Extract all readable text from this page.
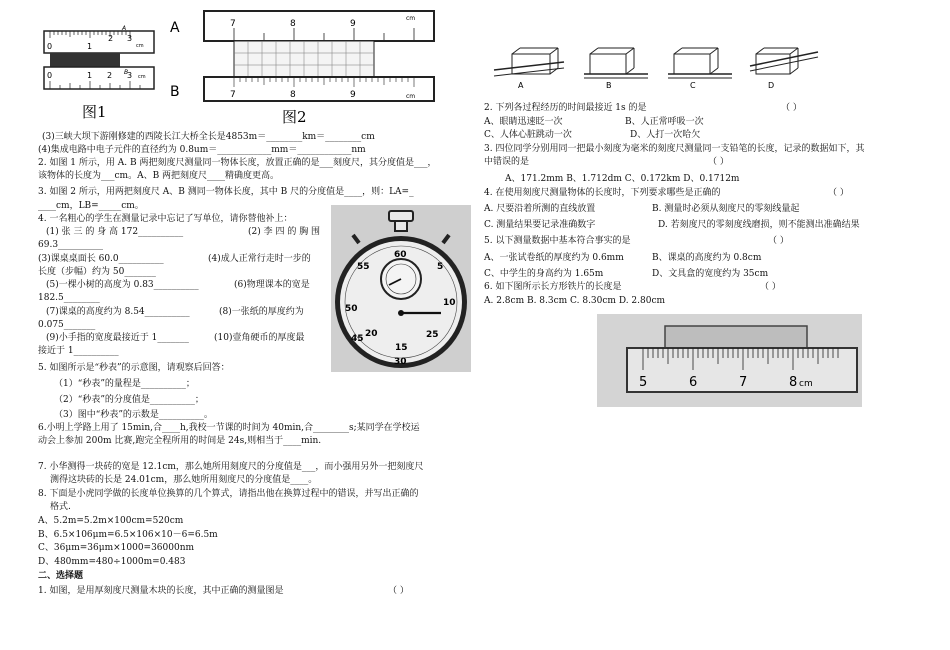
0	1
2 3
A
cm
0	1 2 3
B
cm
图1
A
B
7	8	9
cm
7	8	9	cm
图2
(3)三峡大坝下游刚修建的西陵长江大桥全长是4853m＝________km＝________cm
(4)集成电路中电子元件的直径约为 0.8um＝____________mm＝____________nm
2. 如图 1 所示，用 A. B 两把刻度尺测量同一物体长度，放置正确的是___刻度尺，其分度值是___，
该物体的长度为___cm。A、B 两把刻度尺____精确度更高。
3. 如图 2 所示，用两把刻度尺 A、B 测同一物体长度，其中 B 尺的分度值是____，则：LA=_
____cm，LB=_____cm。
4. 一名粗心的学生在测量记录中忘记了写单位，请你替他补上：
(1) 张 三 的 身 高 172__________	(2) 李 四 的 胸 围
69.3__________
(3)课桌桌面长 60.0__________	(4)成人正常行走时一步的
长度（步幅）约为 50_______
(5)一棵小树的高度为 0.83__________	(6)物理课本的宽是
182.5________
(7)课桌的高度约为 8.54__________	(8)一张纸的厚度约为
0.075_______
(9)小手指的宽度最接近于 1_______	(10)壹角硬币的厚度最
接近于 1__________
5. 如图所示是“秒表”的示意图，请观察后回答：
（1）“秒表”的量程是__________；
（2）“秒表”的分度值是__________；
（3）图中“秒表”的示数是__________。
6.小明上学路上用了 15min,合____h,我校一节课的时间为 40min,合________s;某同学在学校运
动会上参加 200m 比赛,跑完全程所用的时间是 24s,则相当于____min.
7. 小华测得一块砖的宽是 12.1cm，那么她所用刻度尺的分度值是___，而小强用另外一把刻度尺
测得这块砖的长是 24.01cm，那么她所用刻度尺的分度值是____。
8. 下面是小虎同学做的长度单位换算的几个算式，请指出他在换算过程中的错误，并写出正确的
格式.
A、5.2m=5.2m×100cm=520cm
B、6.5×106μm=6.5×106×10－6=6.5m
C、36μm=36μm×1000=36000nm
D、480mm=480÷1000m=0.483
二、选择题
1. 如图，是用厚刻度尺测量木块的长度，其中正确的测量图是	（ ）
60
55	5
50
10
45 20	25
15
30
A	B	C	D
2. 下列各过程经历的时间最接近 1s 的是	（ ）
A、眼睛迅速眨一次	B、人正常呼吸一次
C、人体心脏跳动一次	D、人打一次哈欠
3. 四位同学分别用同一把最小刻度为毫米的刻度尺测量同一支铅笔的长度，记录的数据如下，其
中错误的是	（ ）
A、171.2mm B、1.712dm C、0.172km D、0.1712m
4. 在使用刻度尺测量物体的长度时，下列要求哪些是正确的	（ ）
A. 尺要沿着所测的直线放置	B. 测量时必须从刻度尺的零刻线量起
C. 测量结果要记录准确数字	D. 若刻度尺的零刻度线磨损，则不能测出准确结果
5. 以下测量数据中基本符合事实的是	（ ）
A、一张试卷纸的厚度约为 0.6mm	B、课桌的高度约为 0.8cm
C、中学生的身高约为 1.65m	D、文具盒的宽度约为 35cm
6. 如下图所示长方形铁片的长度是	（ ）
A. 2.8cm B. 8.3cm C. 8.30cm D. 2.80cm
5	6	7	8 cm
